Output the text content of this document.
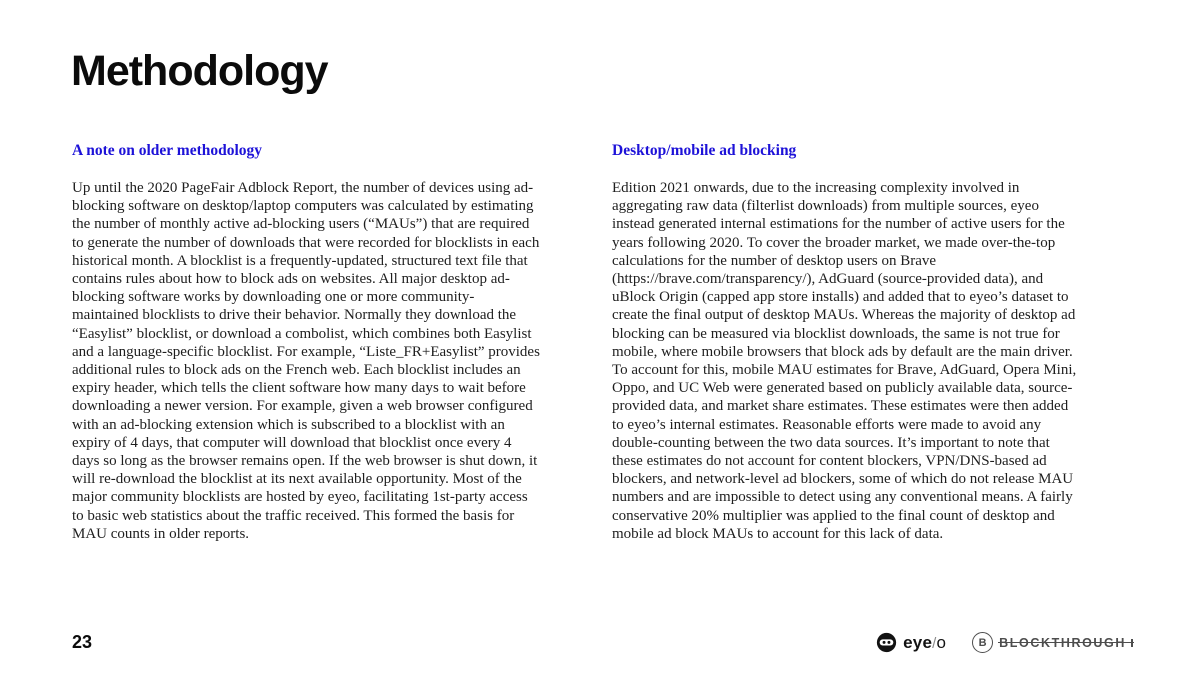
Methodology
A note on older methodology

Up until the 2020 PageFair Adblock Report, the number of devices using ad-blocking software on desktop/laptop computers was calculated by estimating the number of monthly active ad-blocking users (“MAUs”) that are required to generate the number of downloads that were recorded for blocklists in each historical month. A blocklist is a frequently-updated, structured text file that contains rules about how to block ads on websites. All major desktop ad-blocking software works by downloading one or more community-maintained blocklists to drive their behavior. Normally they download the “Easylist” blocklist, or download a combolist, which combines both Easylist and a language-specific blocklist. For example, “Liste_FR+Easylist” provides additional rules to block ads on the French web. Each blocklist includes an expiry header, which tells the client software how many days to wait before downloading a newer version. For example, given a web browser configured with an ad-blocking extension which is subscribed to a blocklist with an expiry of 4 days, that computer will download that blocklist once every 4 days so long as the browser remains open. If the web browser is shut down, it will re-download the blocklist at its next available opportunity. Most of the major community blocklists are hosted by eyeo, facilitating 1st-party access to basic web statistics about the traffic received. This formed the basis for MAU counts in older reports.

Desktop/mobile ad blocking

Edition 2021 onwards, due to the increasing complexity involved in aggregating raw data (filterlist downloads) from multiple sources, eyeo instead generated internal estimations for the number of active users for the years following 2020. To cover the broader market, we made over-the-top calculations for the number of desktop users on Brave (https://brave.com/transparency/), AdGuard (source-provided data), and uBlock Origin (capped app store installs) and added that to eyeo’s dataset to create the final output of desktop MAUs. Whereas the majority of desktop ad blocking can be measured via blocklist downloads, the same is not true for mobile, where mobile browsers that block ads by default are the main driver. To account for this, mobile MAU estimates for Brave, AdGuard, Opera Mini, Oppo, and UC Web were generated based on publicly available data, source-provided data, and market share estimates. These estimates were then added to eyeo’s internal estimates. Reasonable efforts were made to avoid any double-counting between the two data sources. It’s important to note that these estimates do not account for content blockers, VPN/DNS-based ad blockers, and network-level ad blockers, some of which do not release MAU numbers and are impossible to detect using any conventional means. A fairly conservative 20% multiplier was applied to the final count of desktop and mobile ad block MAUs to account for this lack of data.

23	eye/o	B
